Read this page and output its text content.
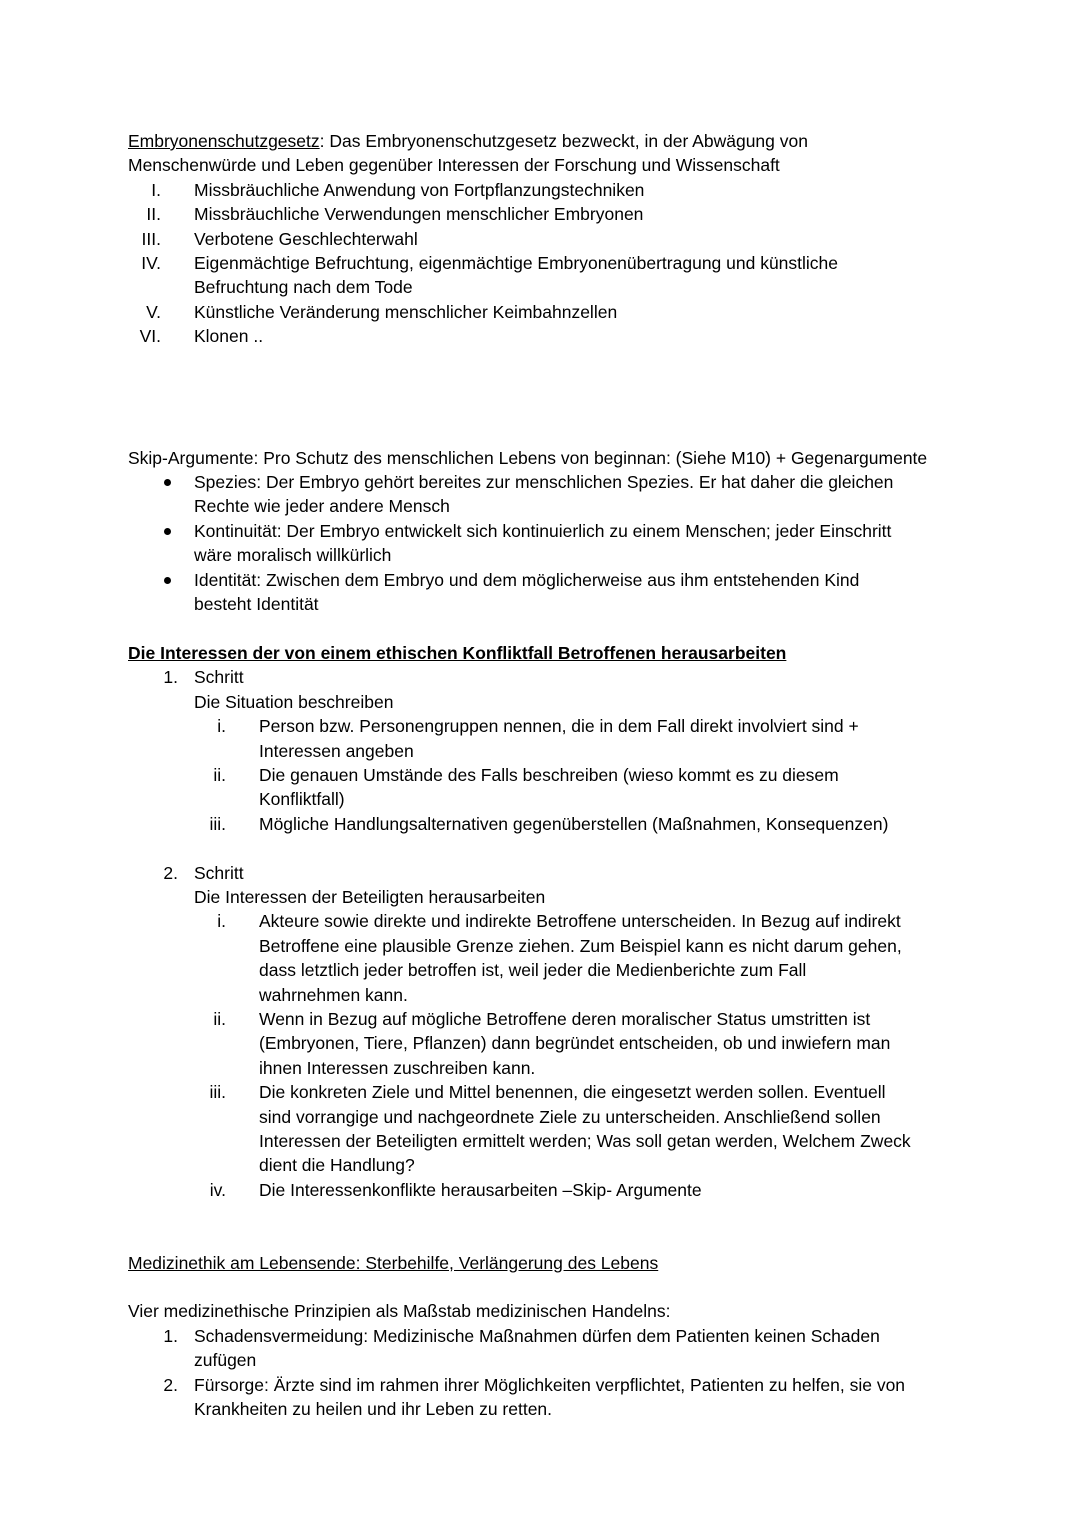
Embryonenschutzgesetz: Das Embryonenschutzgesetz bezweckt, in der Abwägung von

Menschenwürde und Leben gegenüber Interessen der Forschung und Wissenschaft

I. Missbräuchliche Anwendung von Fortpflanzungstechniken

II. Missbräuchliche Verwendungen menschlicher Embryonen

III. Verbotene Geschlechterwahl

IV. Eigenmächtige Befruchtung, eigenmächtige Embryonenübertragung und künstliche

Befruchtung nach dem Tode

V. Künstliche Veränderung menschlicher Keimbahnzellen

VI. Klonen ..

Skip-Argumente: Pro Schutz des menschlichen Lebens von beginnan: (Siehe M10) + Gegenargumente

Spezies: Der Embryo gehört bereites zur menschlichen Spezies. Er hat daher die gleichen

Rechte wie jeder andere Mensch

Kontinuität: Der Embryo entwickelt sich kontinuierlich zu einem Menschen; jeder Einschritt

wäre moralisch willkürlich

Identität: Zwischen dem Embryo und dem möglicherweise aus ihm entstehenden Kind

besteht Identität

Die Interessen der von einem ethischen Konfliktfall Betroffenen herausarbeiten

1. Schritt

Die Situation beschreiben

i. Person bzw. Personengruppen nennen, die in dem Fall direkt involviert sind +

Interessen angeben

ii. Die genauen Umstände des Falls beschreiben (wieso kommt es zu diesem

Konfliktfall)

iii. Mögliche Handlungsalternativen gegenüberstellen (Maßnahmen, Konsequenzen)

2. Schritt

Die Interessen der Beteiligten herausarbeiten

i. Akteure sowie direkte und indirekte Betroffene unterscheiden. In Bezug auf indirekt

Betroffene eine plausible Grenze ziehen. Zum Beispiel kann es nicht darum gehen,

dass letztlich jeder betroffen ist, weil jeder die Medienberichte zum Fall

wahrnehmen kann.

ii. Wenn in Bezug auf mögliche Betroffene deren moralischer Status umstritten ist

(Embryonen, Tiere, Pflanzen) dann begründet entscheiden, ob und inwiefern man

ihnen Interessen zuschreiben kann.

iii. Die konkreten Ziele und Mittel benennen, die eingesetzt werden sollen. Eventuell

sind vorrangige und nachgeordnete Ziele zu unterscheiden. Anschließend sollen

Interessen der Beteiligten ermittelt werden; Was soll getan werden, Welchem Zweck

dient die Handlung?

iv. Die Interessenkonflikte herausarbeiten –Skip- Argumente

Medizinethik am Lebensende: Sterbehilfe, Verlängerung des Lebens

Vier medizinethische Prinzipien als Maßstab medizinischen Handelns:

1. Schadensvermeidung: Medizinische Maßnahmen dürfen dem Patienten keinen Schaden

zufügen

2. Fürsorge: Ärzte sind im rahmen ihrer Möglichkeiten verpflichtet, Patienten zu helfen, sie von

Krankheiten zu heilen und ihr Leben zu retten.
